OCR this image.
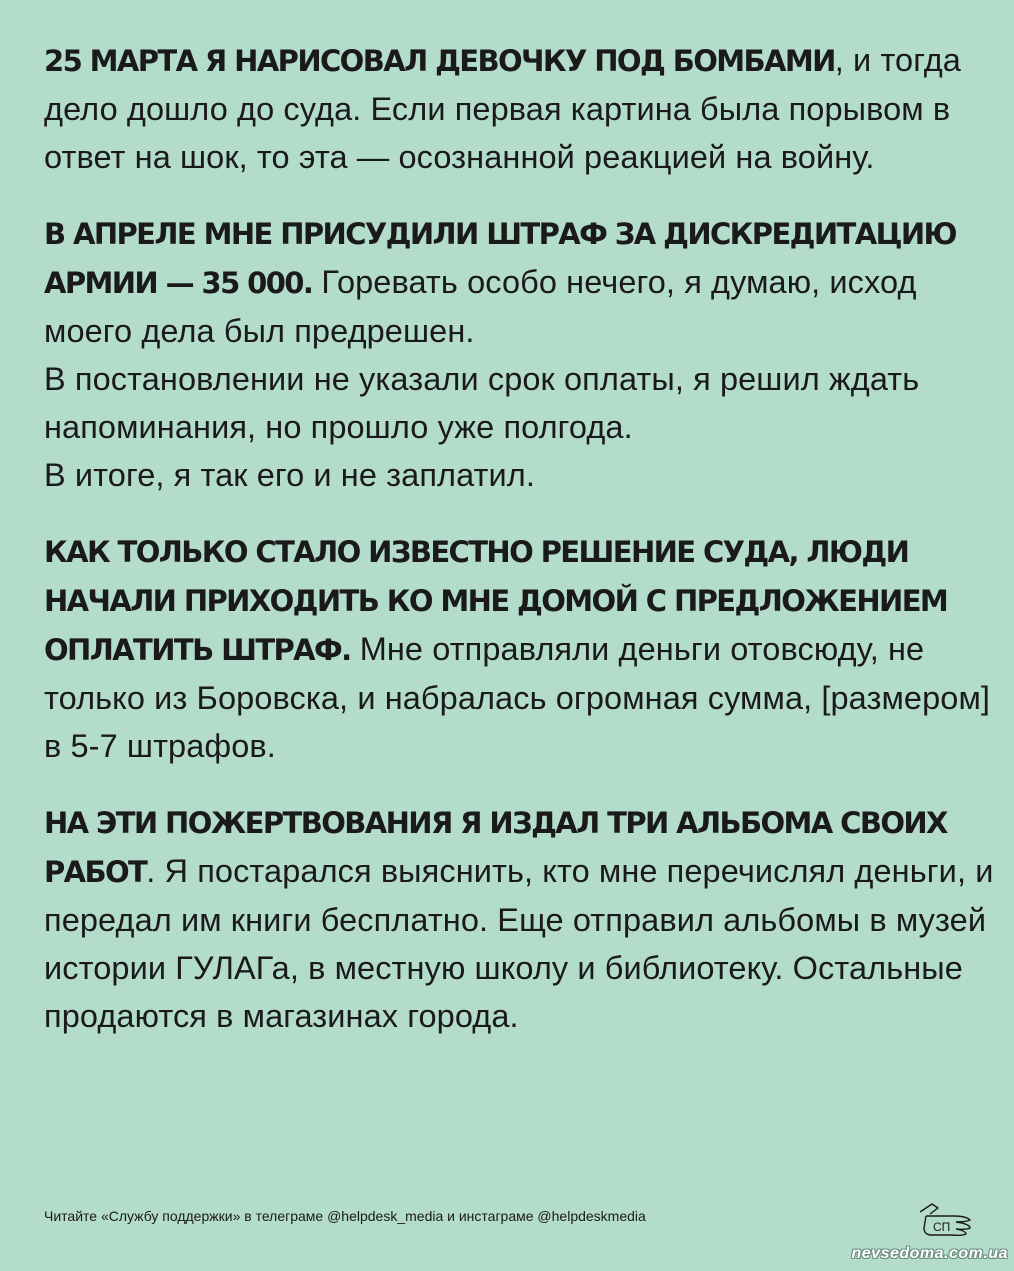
25 МАРТА Я НАРИСОВАЛ ДЕВОЧКУ ПОД БОМБАМИ, и тогда дело дошло до суда. Если первая картина была порывом в ответ на шок, то эта — осознанной реакцией на войну.

В АПРЕЛЕ МНЕ ПРИСУДИЛИ ШТРАФ ЗА ДИСКРЕДИТАЦИЮ АРМИИ — 35 000. Горевать особо нечего, я думаю, исход моего дела был предрешен.
В постановлении не указали срок оплаты, я решил ждать напоминания, но прошло уже полгода.
В итоге, я так его и не заплатил.

КАК ТОЛЬКО СТАЛО ИЗВЕСТНО РЕШЕНИЕ СУДА, ЛЮДИ НАЧАЛИ ПРИХОДИТЬ КО МНЕ ДОМОЙ С ПРЕДЛОЖЕНИЕМ ОПЛАТИТЬ ШТРАФ. Мне отправляли деньги отовсюду, не только из Боровска, и набралась огромная сумма, [размером] в 5-7 штрафов.

НА ЭТИ ПОЖЕРТВОВАНИЯ Я ИЗДАЛ ТРИ АЛЬБОМА СВОИХ РАБОТ. Я постарался выяснить, кто мне перечислял деньги, и передал им книги бесплатно. Еще отправил альбомы в музей истории ГУЛАГа, в местную школу и библиотеку. Остальные продаются в магазинах города.

Читайте «Службу поддержки» в телеграме @helpdesk_media и инстаграме @helpdeskmedia
СП
nevsedoma.com.ua
